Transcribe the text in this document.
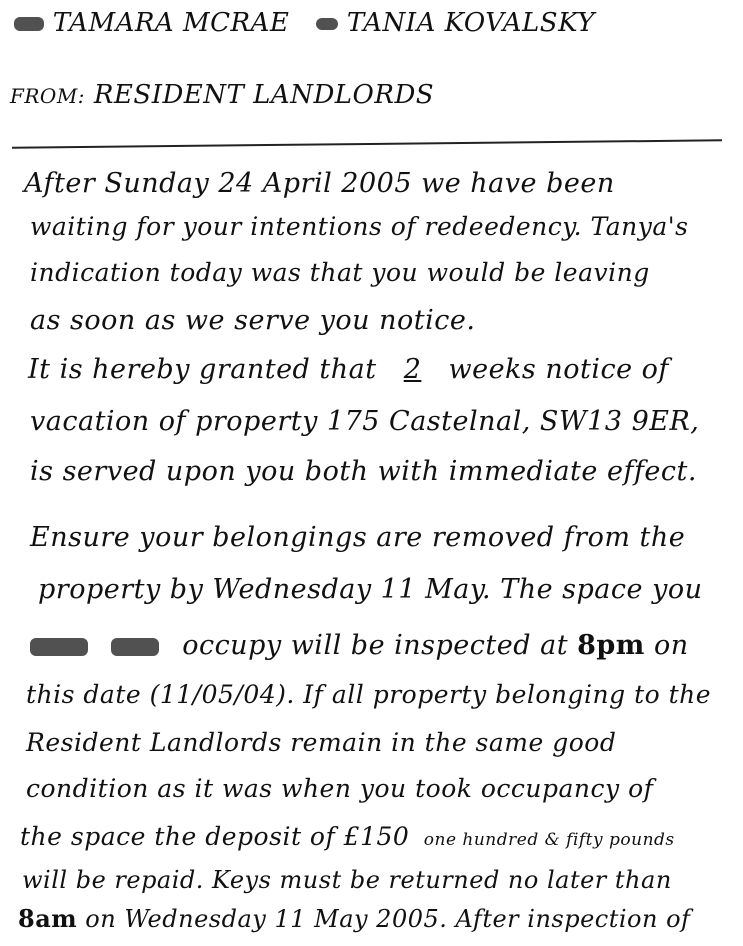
TAMARA MCRAE TANIA KOVALSKY
FROM: RESIDENT LANDLORDS
After Sunday 24 April 2005 we have been
waiting for your intentions of redeedency. Tanya's
indication today was that you would be leaving
as soon as we serve you notice.
It is hereby granted that 2 weeks notice of
vacation of property 175 Castelnal, SW13 9ER,
is served upon you both with immediate effect.
Ensure your belongings are removed from the
property by Wednesday 11 May. The space you
occupy will be inspected at 8pm on
this date (11/05/04). If all property belonging to the
Resident Landlords remain in the same good
condition as it was when you took occupancy of
the space the deposit of £150 one hundred & fifty pounds
will be repaid. Keys must be returned no later than
8am on Wednesday 11 May 2005. After inspection of
